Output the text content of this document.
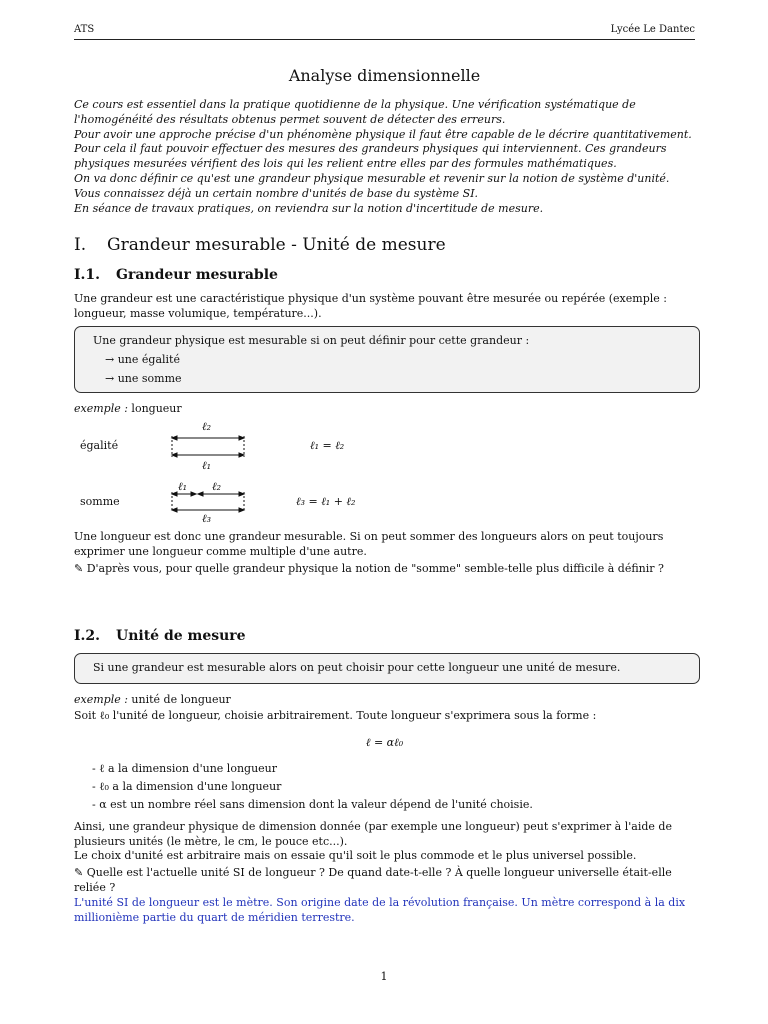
ATS	Lycée Le Dantec
Analyse dimensionnelle

Ce cours est essentiel dans la pratique quotidienne de la physique. Une vérification systématique de l'homogénéité des résultats obtenus permet souvent de détecter des erreurs.

Pour avoir une approche précise d'un phénomène physique il faut être capable de le décrire quantitativement. Pour cela il faut pouvoir effectuer des mesures des grandeurs physiques qui interviennent. Ces grandeurs physiques mesurées vérifient des lois qui les relient entre elles par des formules mathématiques.

On va donc définir ce qu'est une grandeur physique mesurable et revenir sur la notion de système d'unité. Vous connaissez déjà un certain nombre d'unités de base du système SI.

En séance de travaux pratiques, on reviendra sur la notion d'incertitude de mesure.

I. Grandeur mesurable - Unité de mesure
I.1. Grandeur mesurable
Une grandeur est une caractéristique physique d'un système pouvant être mesurée ou repérée (exemple : longueur, masse volumique, température...).
Une grandeur physique est mesurable si on peut définir pour cette grandeur :
→ une égalité
→ une somme
exemple : longueur
égalité
somme
ℓ₂
ℓ₁
ℓ₁ = ℓ₂
ℓ₁ ℓ₂
ℓ₃
ℓ₃ = ℓ₁ + ℓ₂
Une longueur est donc une grandeur mesurable. Si on peut sommer des longueurs alors on peut toujours exprimer une longueur comme multiple d'une autre.
✎ D'après vous, pour quelle grandeur physique la notion de "somme" semble-telle plus difficile à définir ?
I.2. Unité de mesure
Si une grandeur est mesurable alors on peut choisir pour cette longueur une unité de mesure.
exemple : unité de longueur
Soit ℓ₀ l'unité de longueur, choisie arbitrairement. Toute longueur s'exprimera sous la forme :
ℓ = αℓ₀
- ℓ a la dimension d'une longueur
- ℓ₀ a la dimension d'une longueur
- α est un nombre réel sans dimension dont la valeur dépend de l'unité choisie.
Ainsi, une grandeur physique de dimension donnée (par exemple une longueur) peut s'exprimer à l'aide de plusieurs unités (le mètre, le cm, le pouce etc...).
Le choix d'unité est arbitraire mais on essaie qu'il soit le plus commode et le plus universel possible.
✎ Quelle est l'actuelle unité SI de longueur ? De quand date-t-elle ? À quelle longueur universelle était-elle reliée ?
L'unité SI de longueur est le mètre. Son origine date de la révolution française. Un mètre correspond à la dix millionième partie du quart de méridien terrestre.
1
